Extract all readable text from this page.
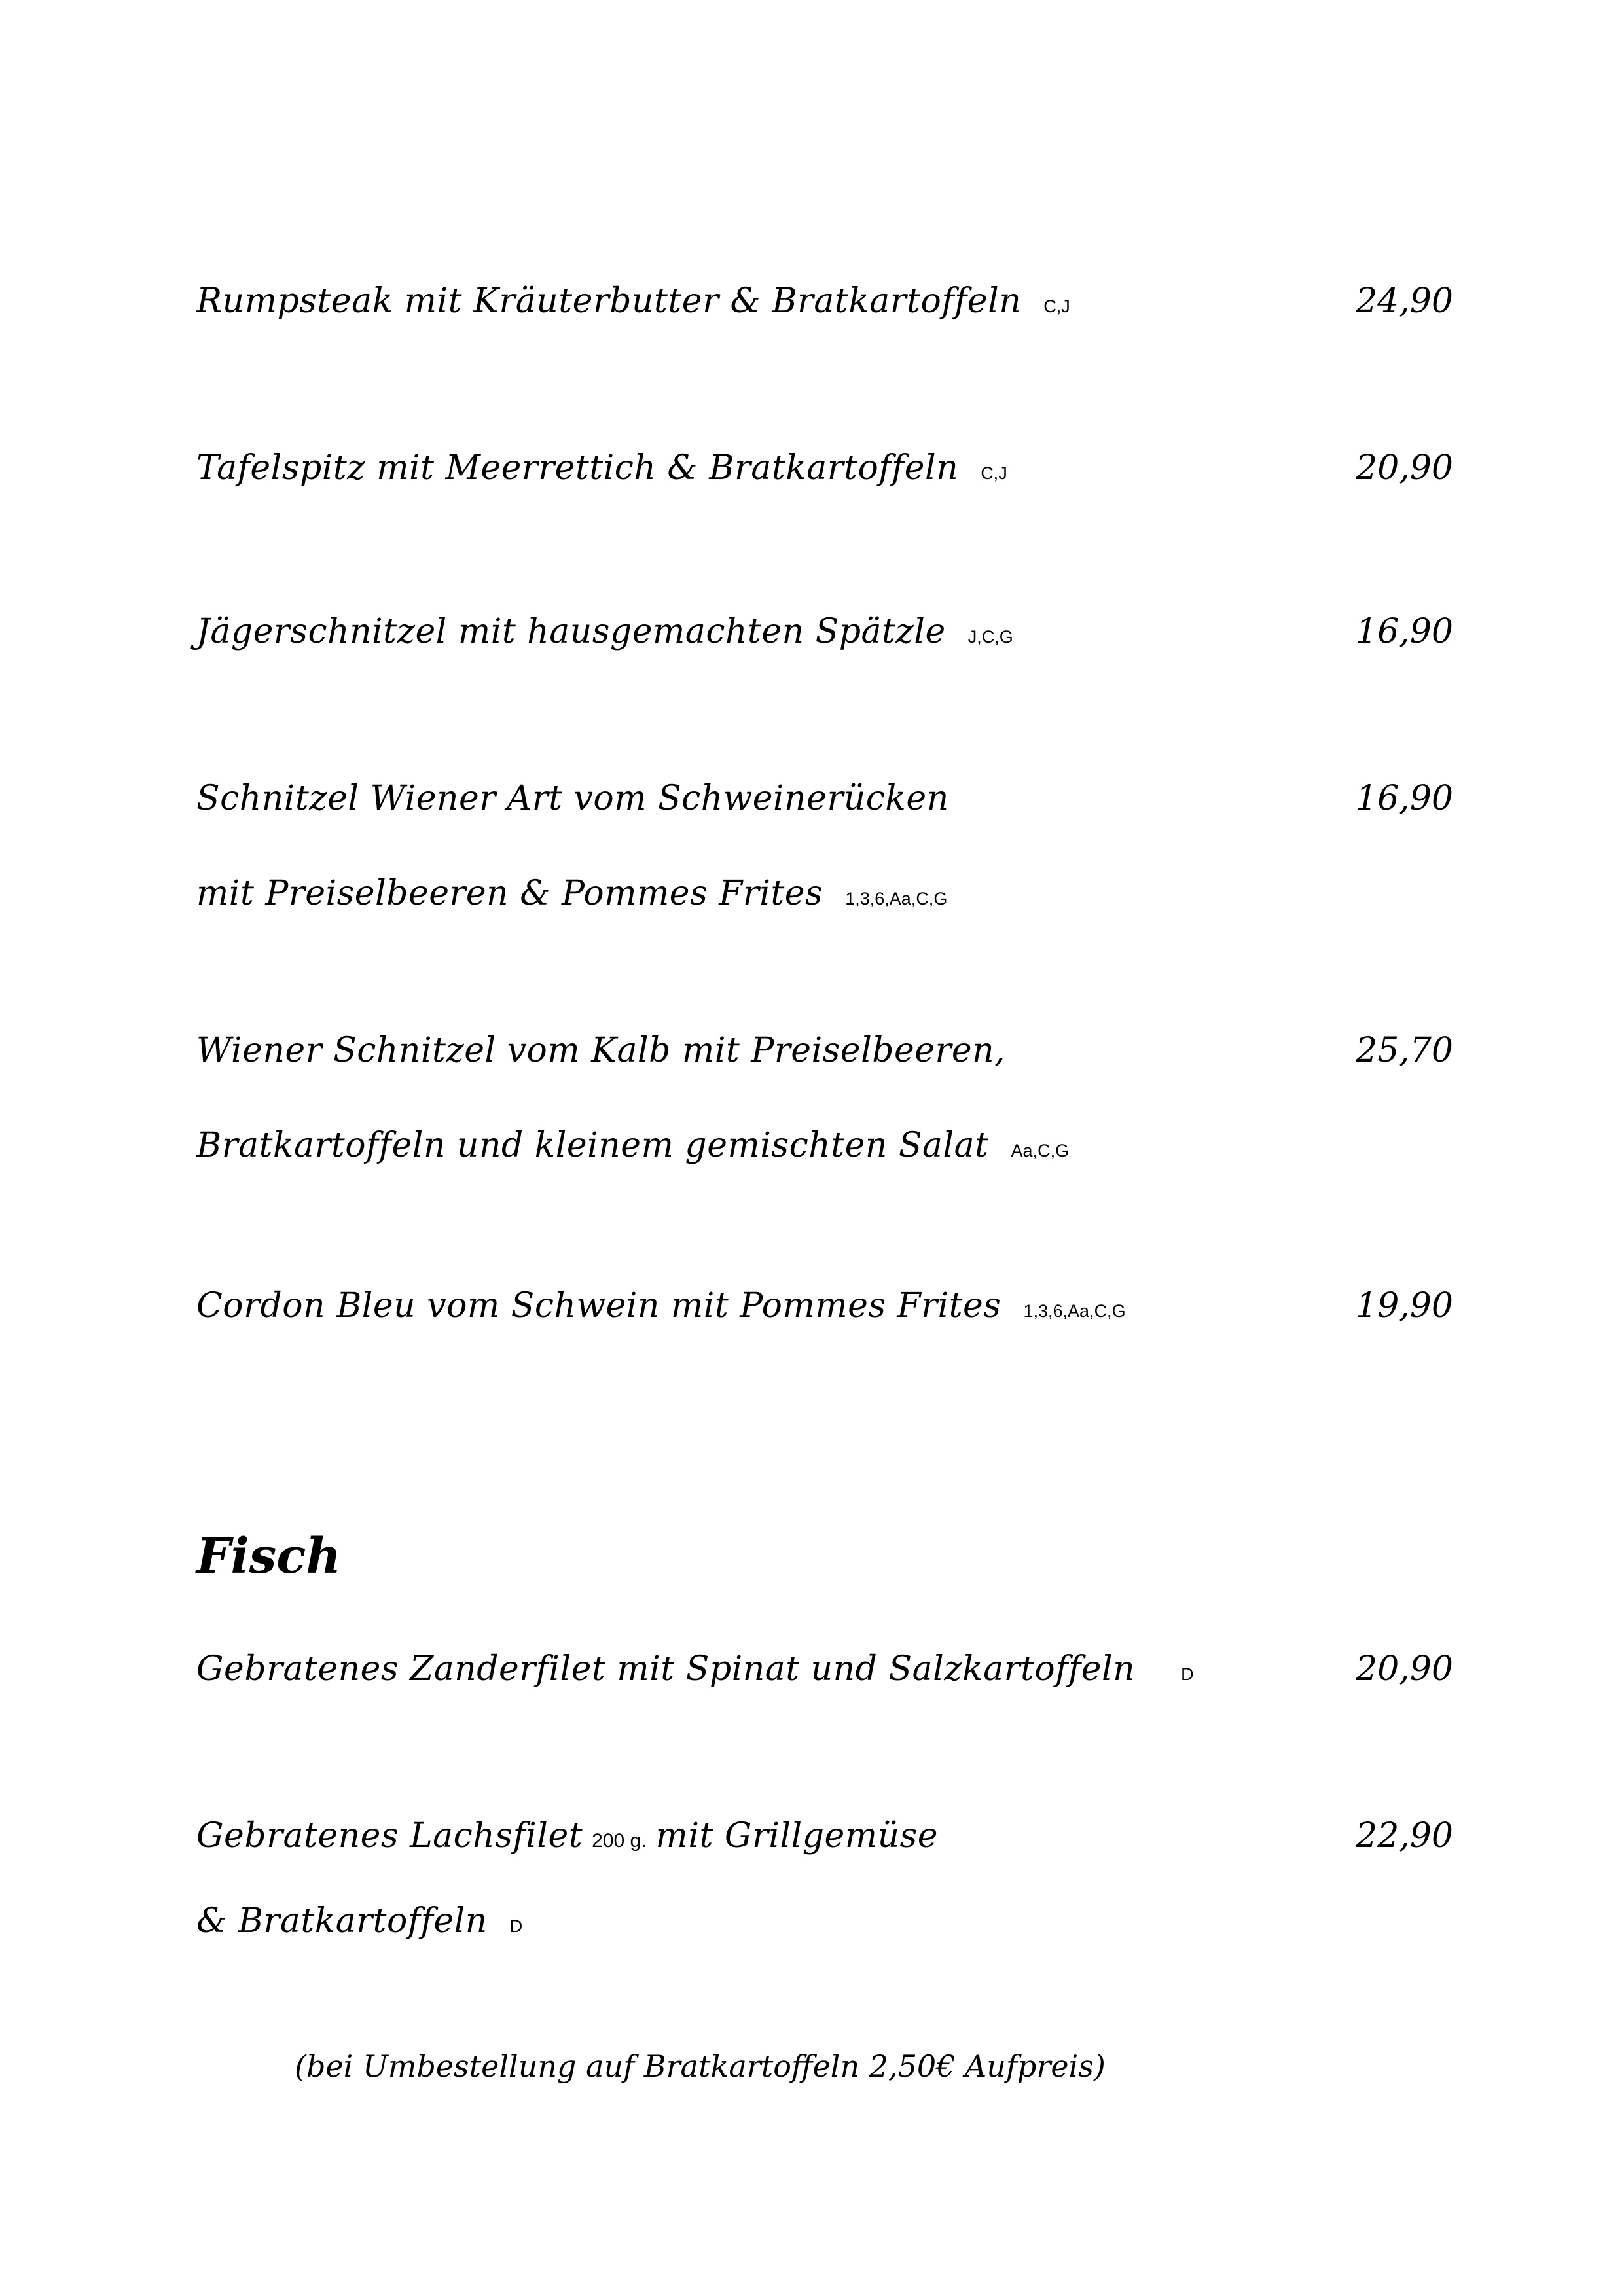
Rumpsteak mit Kräuterbutter & Bratkartoffeln C,J	24,90
Tafelspitz mit Meerrettich & Bratkartoffeln C,J	20,90
Jägerschnitzel mit hausgemachten Spätzle J,C,G	16,90
Schnitzel Wiener Art vom Schweinerücken	16,90
mit Preiselbeeren & Pommes Frites 1,3,6,Aa,C,G
Wiener Schnitzel vom Kalb mit Preiselbeeren,	25,70
Bratkartoffeln und kleinem gemischten Salat Aa,C,G
Cordon Bleu vom Schwein mit Pommes Frites 1,3,6,Aa,C,G	19,90
Fisch
Gebratenes Zanderfilet mit Spinat und Salzkartoffeln	D	20,90
Gebratenes Lachsfilet 200 g. mit Grillgemüse	22,90
& Bratkartoffeln D
(bei Umbestellung auf Bratkartoffeln 2,50€ Aufpreis)
